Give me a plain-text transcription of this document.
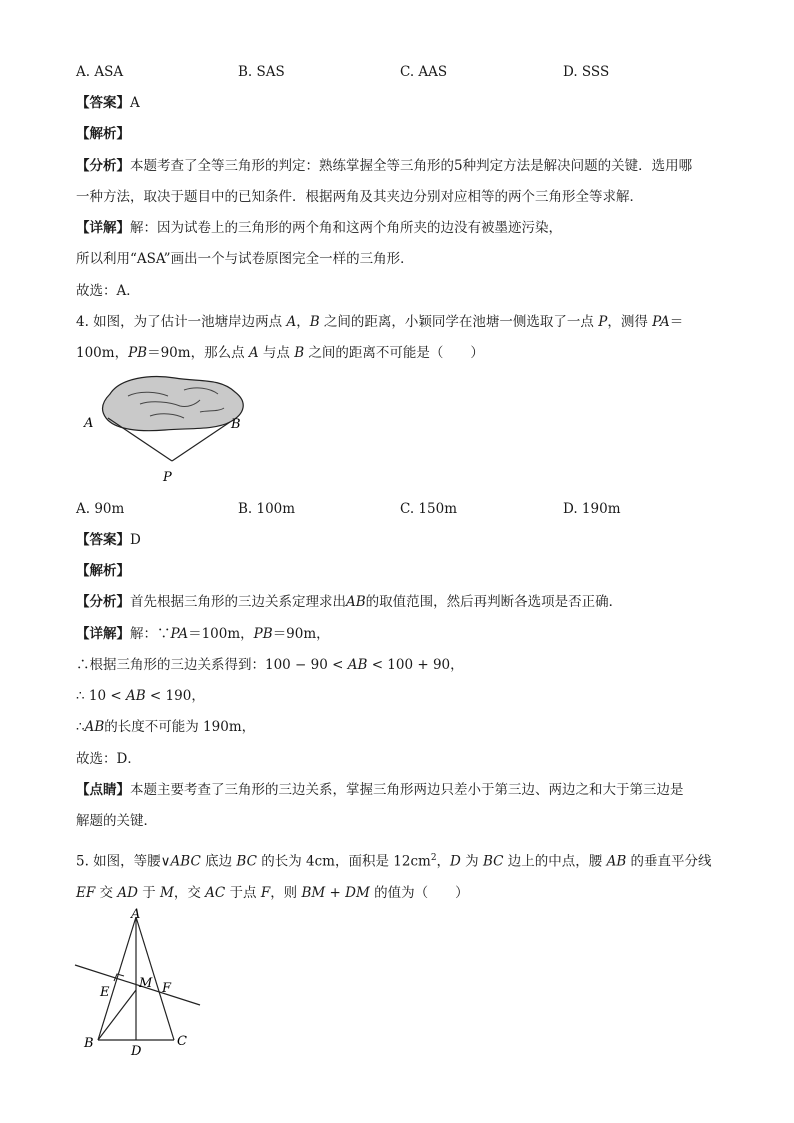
A. ASA	B. SAS	C. AAS	D. SSS
【答案】A
【解析】
【分析】本题考查了全等三角形的判定：熟练掌握全等三角形的5种判定方法是解决问题的关键．选用哪
一种方法，取决于题目中的已知条件．根据两角及其夹边分别对应相等的两个三角形全等求解．
【详解】解：因为试卷上的三角形的两个角和这两个角所夹的边没有被墨迹污染，
所以利用“ASA”画出一个与试卷原图完全一样的三角形．
故选：A．
4. 如图，为了估计一池塘岸边两点 A，B 之间的距离，小颖同学在池塘一侧选取了一点 P，测得 PA＝
100m，PB＝90m，那么点 A 与点 B 之间的距离不可能是（　　）
A	B
P
A. 90m	B. 100m	C. 150m	D. 190m
【答案】D
【解析】
【分析】首先根据三角形的三边关系定理求出AB的取值范围，然后再判断各选项是否正确．
【详解】解：∵PA＝100m，PB＝90m，
∴根据三角形的三边关系得到：100 − 90 < AB < 100 + 90，
∴ 10 < AB < 190，
∴AB的长度不可能为 190m，
故选：D．
【点睛】本题主要考查了三角形的三边关系，掌握三角形两边只差小于第三边、两边之和大于第三边是
解题的关键．
5. 如图，等腰∨ABC 底边 BC 的长为 4cm，面积是 $12cm^2$，D 为 BC 边上的中点，腰 AB 的垂直平分线
EF 交 AD 于 M，交 AC 于点 F，则 BM + DM 的值为（　　）
A
E
M F
B
D
C
